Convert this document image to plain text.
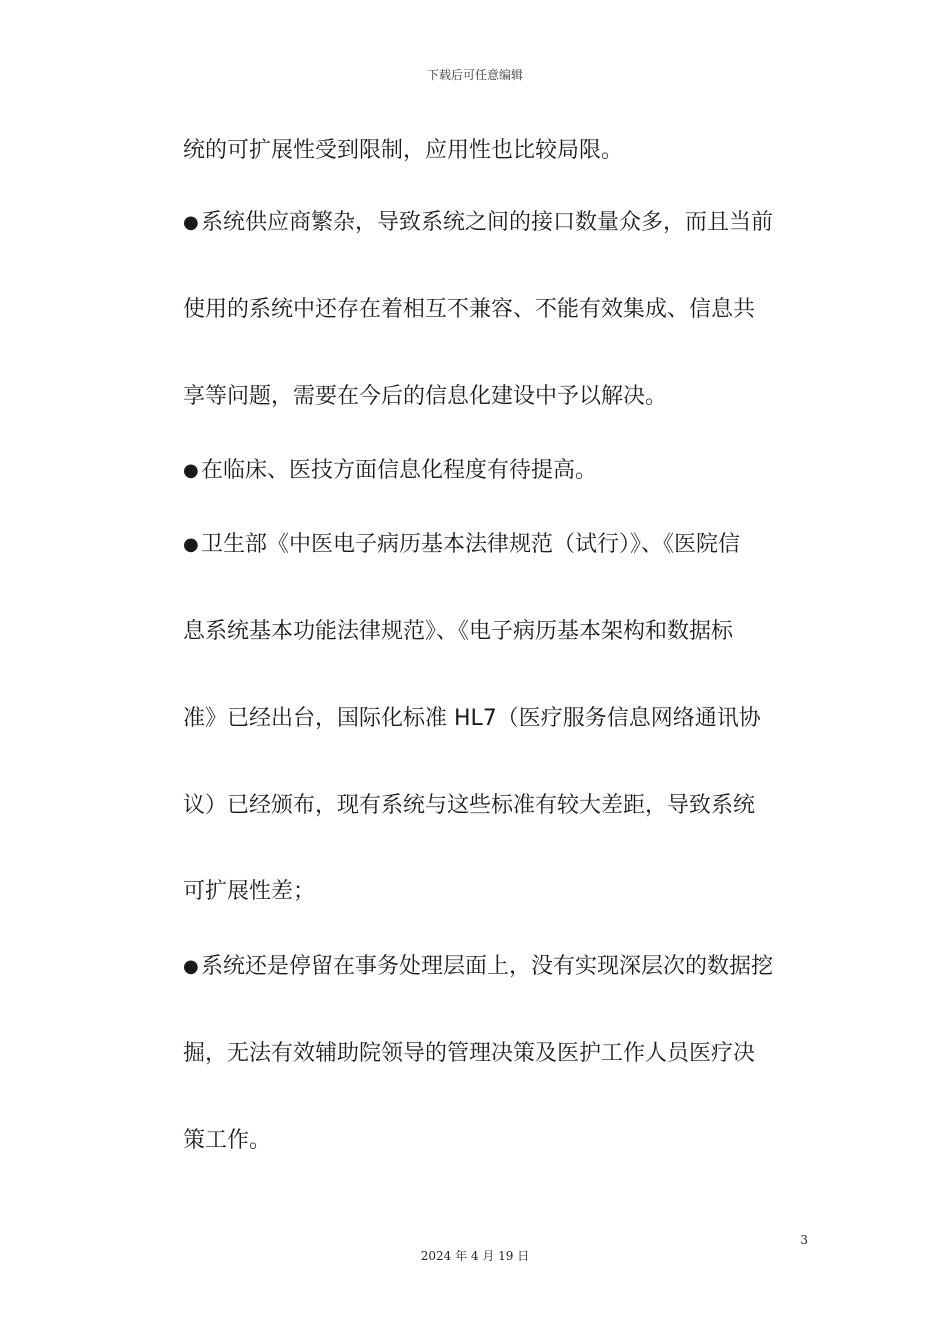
下载后可任意编辑
统的可扩展性受到限制，应用性也比较局限。
● 系统供应商繁杂，导致系统之间的接口数量众多，而且当前
使用的系统中还存在着相互不兼容、不能有效集成、信息共
享等问题，需要在今后的信息化建设中予以解决。
● 在临床、医技方面信息化程度有待提高。
● 卫生部《中医电子病历基本法律规范（试行）》、《医院信
息系统基本功能法律规范》、《电子病历基本架构和数据标
准》已经出台，国际化标准 HL7（医疗服务信息网络通讯协
议）已经颁布，现有系统与这些标准有较大差距，导致系统
可扩展性差；
● 系统还是停留在事务处理层面上，没有实现深层次的数据挖
掘，无法有效辅助院领导的管理决策及医护工作人员医疗决
策工作。
3
2024 年 4 月 19 日
